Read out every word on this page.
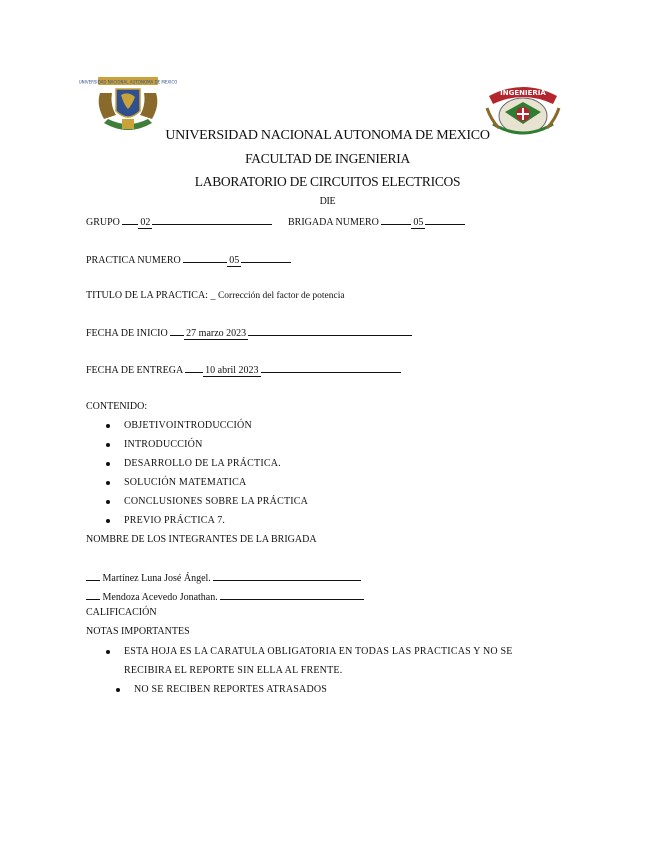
UNIVERSIDAD NACIONAL AUTONOMA DE MEXICO
INGENIERIA
UNIVERSIDAD NACIONAL AUTONOMA DE MEXICO
FACULTAD DE INGENIERIA
LABORATORIO DE CIRCUITOS ELECTRICOS
DIE
GRUPO 02	BRIGADA NUMERO	05
PRACTICA NUMERO	05
TITULO DE LA PRACTICA: _ Corrección del factor de potencia
FECHA DE INICIO 27 marzo 2023
FECHA DE ENTREGA 10 abril 2023
CONTENIDO:
OBJETIVOINTRODUCCIÓN
INTRODUCCIÓN
DESARROLLO DE LA PRÁCTICA.
SOLUCIÓN MATEMATICA
CONCLUSIONES SOBRE LA PRÁCTICA
PREVIO PRÁCTICA 7.
NOMBRE DE LOS INTEGRANTES DE LA BRIGADA
Martínez Luna José Ángel.
Mendoza Acevedo Jonathan.
CALIFICACIÓN
NOTAS IMPORTANTES
ESTA HOJA ES LA CARATULA OBLIGATORIA EN TODAS LAS PRACTICAS Y NO SE
RECIBIRA EL REPORTE SIN ELLA AL FRENTE.
NO SE RECIBEN REPORTES ATRASADOS
